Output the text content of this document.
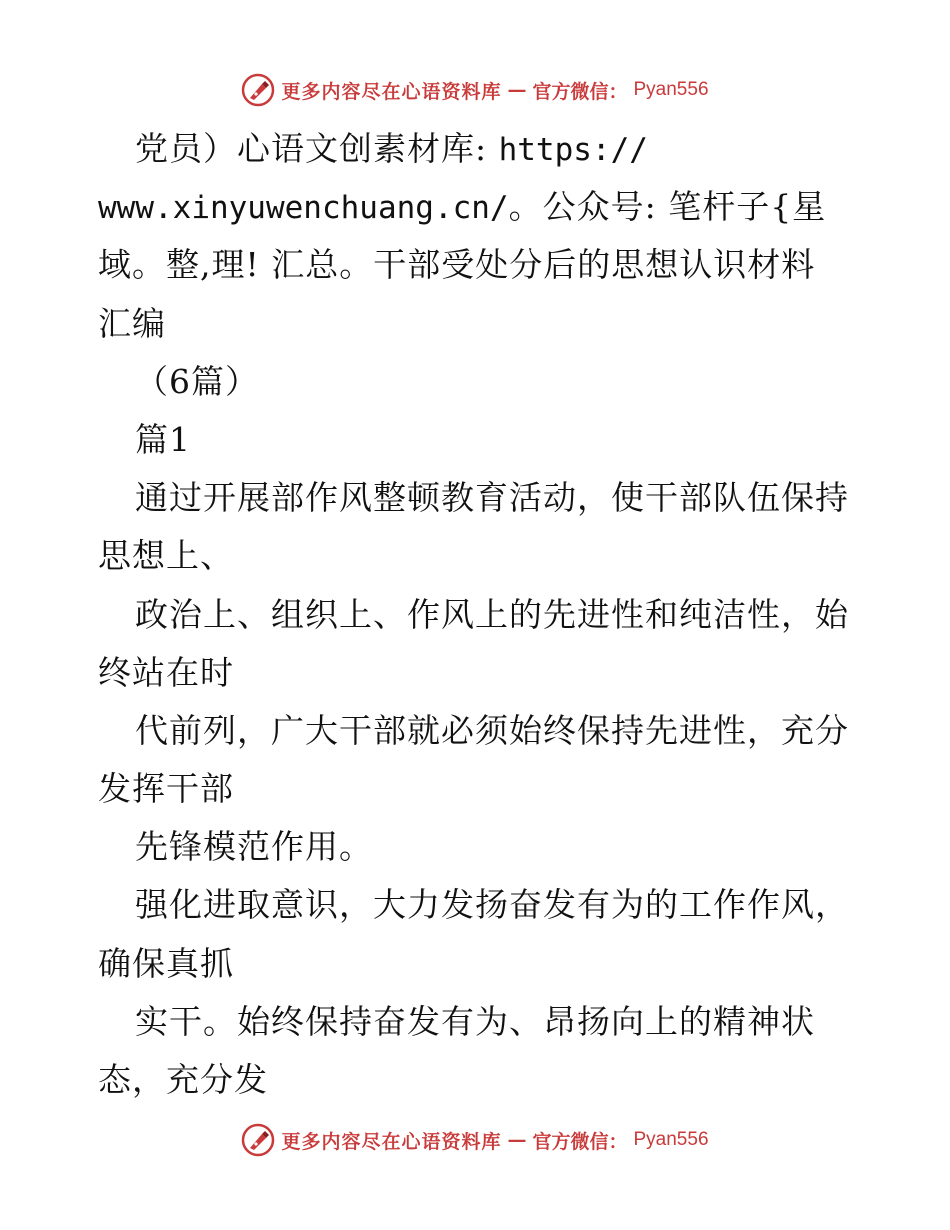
更多内容尽在心语资料库 — 官方微信： Pyan556
党员）心语文创素材库: https://
www.xinyuwenchuang.cn/。公众号: 笔杆子{星
域。整,理! 汇总。干部受处分后的思想认识材料
汇编
（6篇）
篇1
通过开展部作风整顿教育活动，使干部队伍保持
思想上、
政治上、组织上、作风上的先进性和纯洁性，始
终站在时
代前列，广大干部就必须始终保持先进性，充分
发挥干部
先锋模范作用。
强化进取意识，大力发扬奋发有为的工作作风，
确保真抓
实干。始终保持奋发有为、昂扬向上的精神状
态，充分发
更多内容尽在心语资料库 — 官方微信： Pyan556
